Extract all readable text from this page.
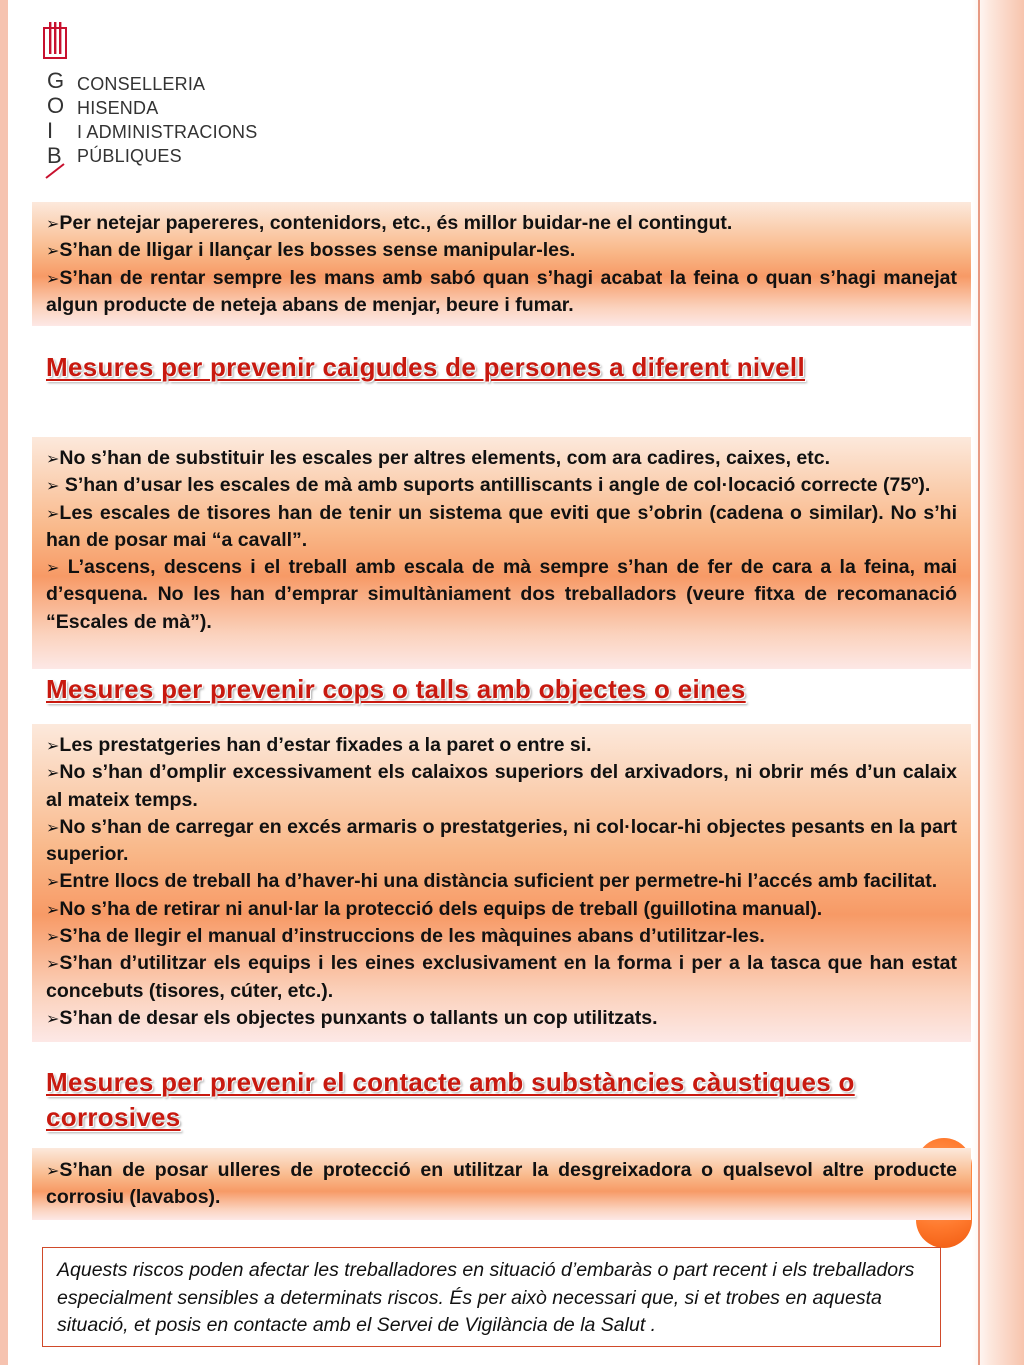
G
O
I
B
CONSELLERIA
HISENDA
I ADMINISTRACIONS
PÚBLIQUES

➢Per netejar papereres, contenidors, etc., és millor buidar-ne el contingut.

➢S’han de lligar i llançar les bosses sense manipular-les.

➢S’han de rentar sempre les mans amb sabó quan s’hagi acabat la feina o quan s’hagi manejat algun producte de neteja abans de menjar, beure i fumar.

Mesures per prevenir caigudes de persones a diferent nivell

➢No s’han de substituir les escales per altres elements, com ara cadires, caixes, etc.

➢ S’han d’usar les escales de mà amb suports antilliscants i angle de col·locació correcte (75º).

➢Les escales de tisores han de tenir un sistema que eviti que s’obrin (cadena o similar). No s’hi han de posar mai “a cavall”.

➢ L’ascens, descens i el treball amb escala de mà sempre s’han de fer de cara a la feina, mai d’esquena. No les han d’emprar simultàniament dos treballadors (veure fitxa de recomanació “Escales de mà”).

Mesures per prevenir cops o talls amb objectes o eines

➢Les prestatgeries han d’estar fixades a la paret o entre si.

➢No s’han d’omplir excessivament els calaixos superiors del arxivadors, ni obrir més d’un calaix al mateix temps.

➢No s’han de carregar en excés armaris o prestatgeries, ni col·locar-hi objectes pesants en la part superior.

➢Entre llocs de treball ha d’haver-hi una distància suficient per permetre-hi l’accés amb facilitat.

➢No s’ha de retirar ni anul·lar la protecció dels equips de treball (guillotina manual).

➢S’ha de llegir el manual d’instruccions de les màquines abans d’utilitzar-les.

➢S’han d’utilitzar els equips i les eines exclusivament en la forma i per a la tasca que han estat concebuts (tisores, cúter, etc.).

➢S’han de desar els objectes punxants o tallants un cop utilitzats.

Mesures per prevenir el contacte amb substàncies càustiques o corrosives

➢S’han de posar ulleres de protecció en utilitzar la desgreixadora o qualsevol altre producte corrosiu (lavabos).

Aquests riscos poden afectar les treballadores en situació d’embaràs o part recent i els treballadors especialment sensibles a determinats riscos. És per això necessari que, si et trobes en aquesta situació, et posis en contacte amb el Servei de Vigilància de la Salut .
